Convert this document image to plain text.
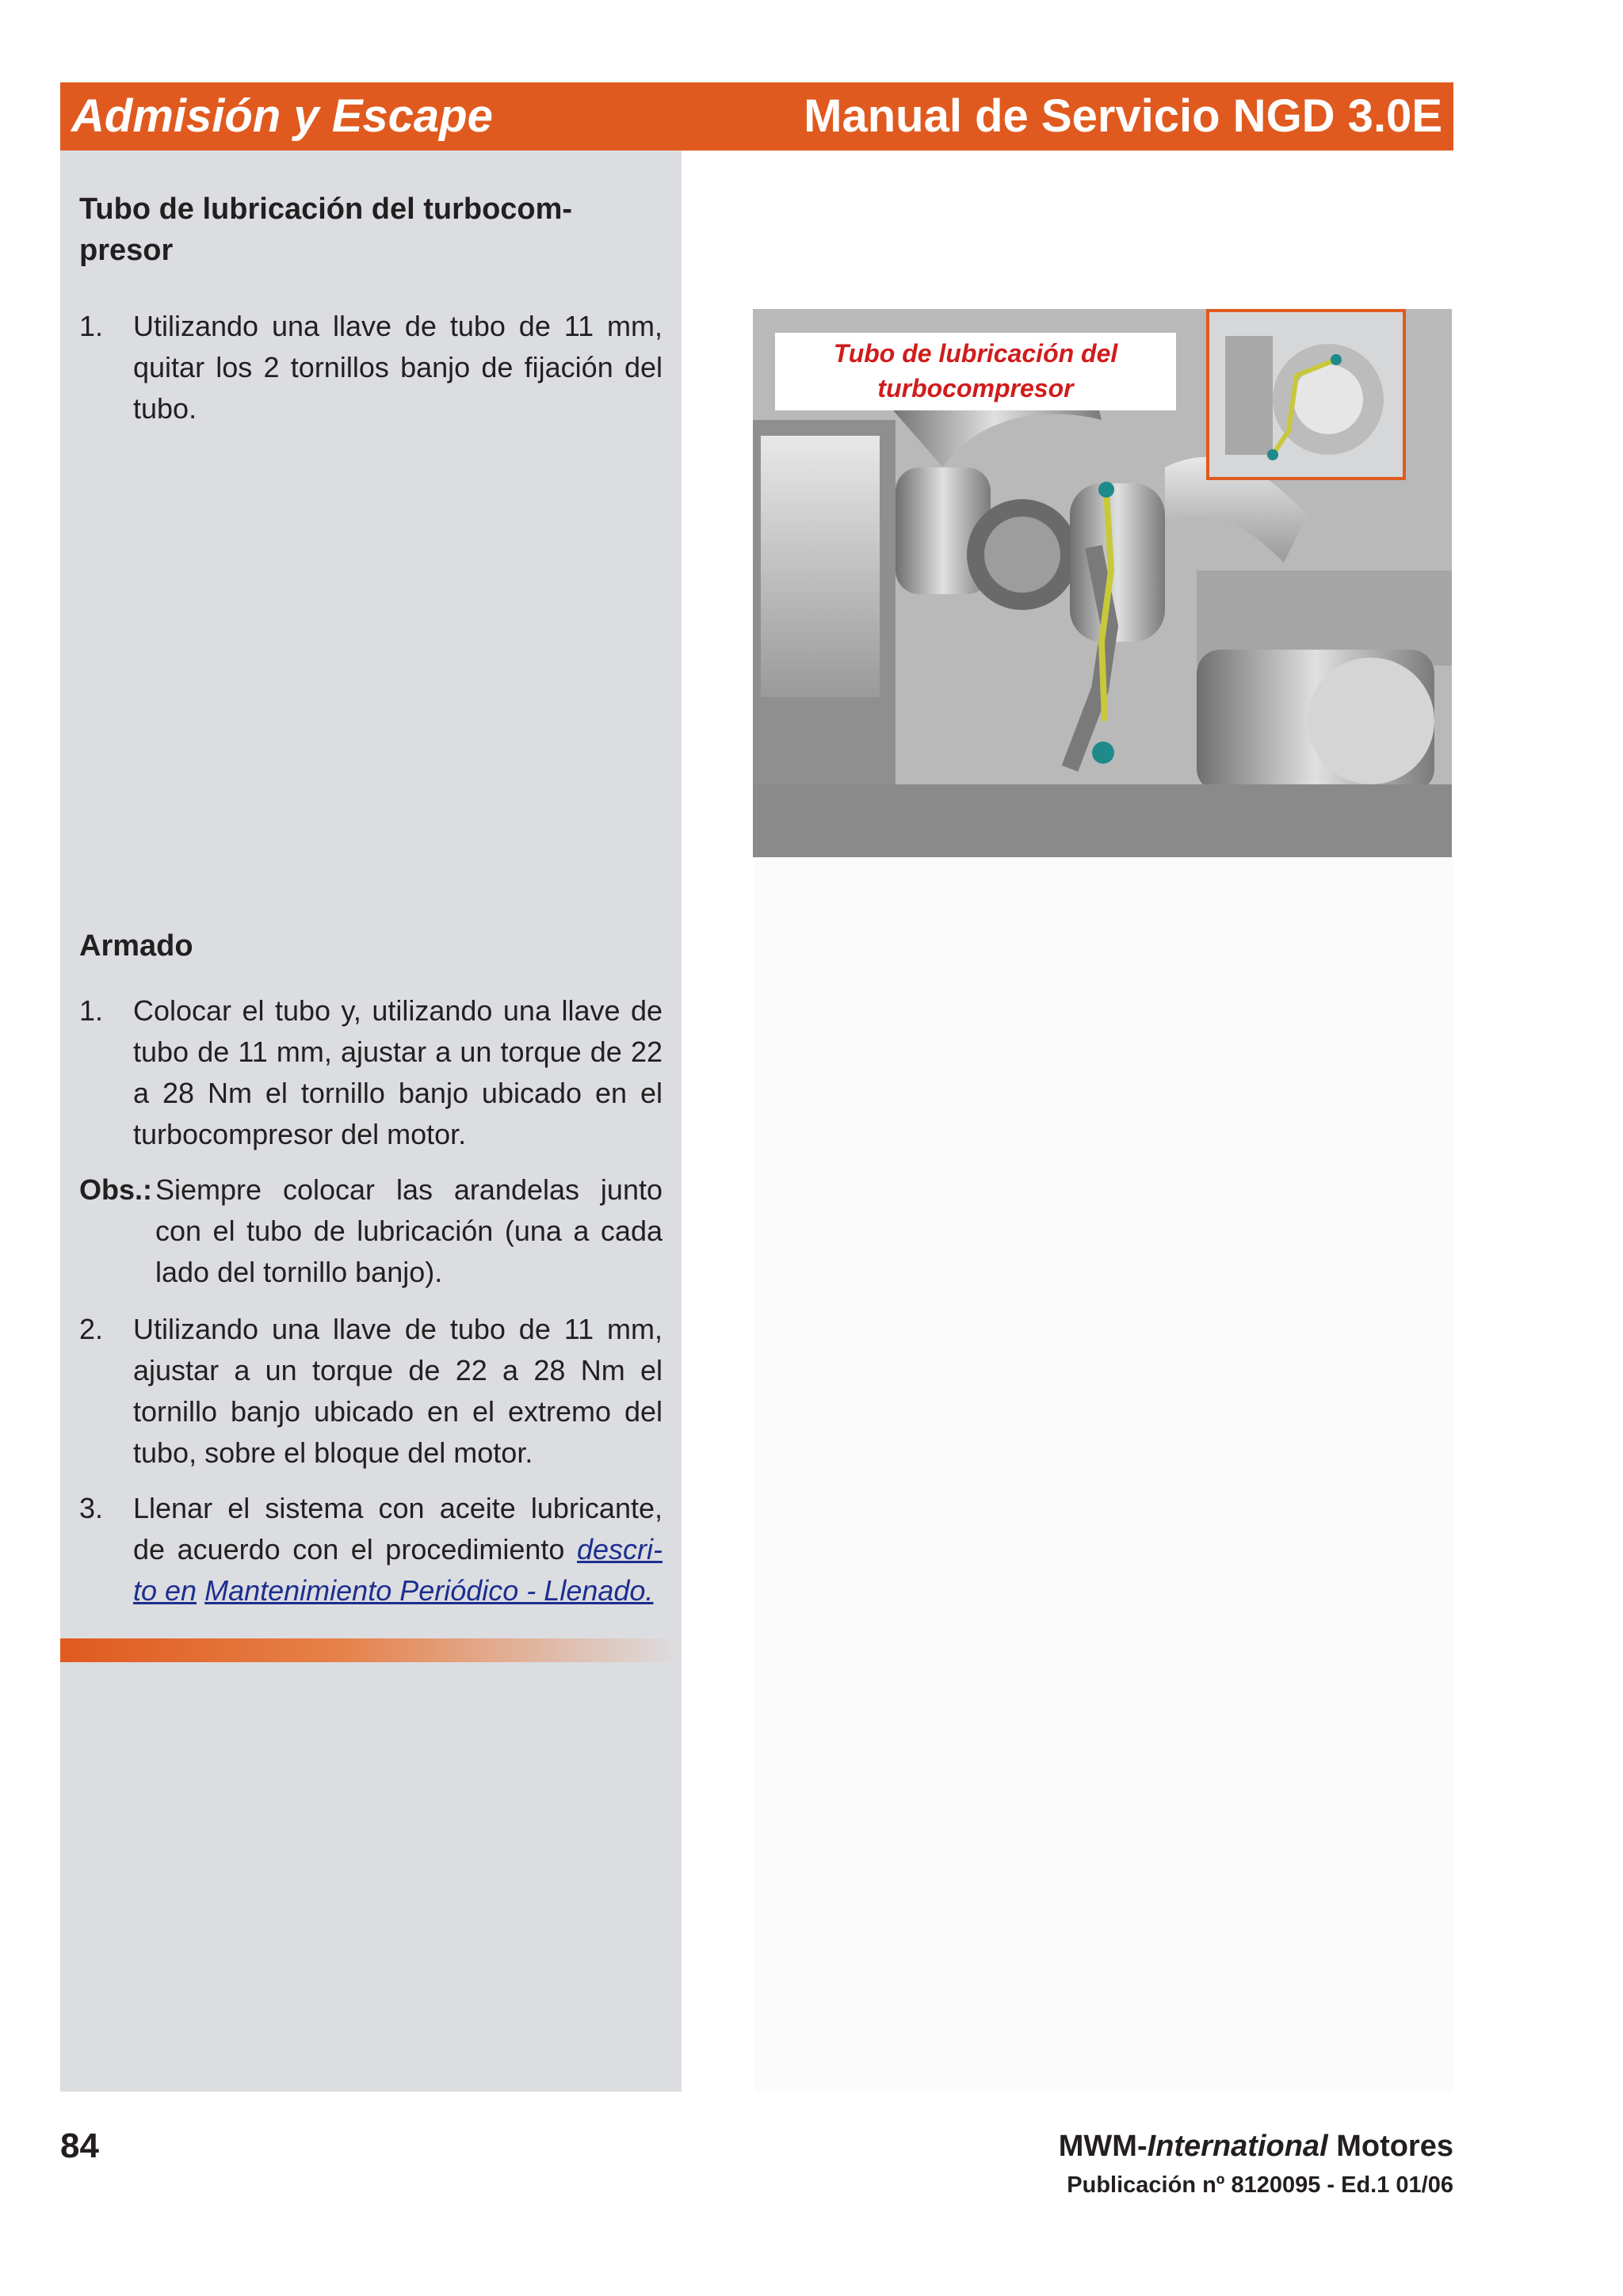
Admisión y Escape	Manual de Servicio NGD 3.0E
Tubo de lubricación del turbocom-presor
1.	Utilizando una llave de tubo de 11 mm, quitar los 2 tornillos banjo de fijación del tubo.
Tubo de lubricación del
turbocompresor
Armado
1.	Colocar el tubo y, utilizando una llave de tubo de 11 mm, ajustar a un torque de 22 a 28 Nm el tornillo banjo ubicado en el turbocompresor del motor.
Obs.: Siempre colocar las arandelas junto con el tubo de lubricación (una a cada lado del tornillo banjo).
2.	Utilizando una llave de tubo de 11 mm, ajustar a un torque de 22 a 28 Nm el tornillo banjo ubicado en el extremo del tubo, sobre el bloque del motor.
3.	Llenar el sistema con aceite lubricante, de acuerdo con el procedimiento descri-to en Mantenimiento Periódico - Llenado.
84	MWM-International Motores
Publicación nº 8120095 - Ed.1 01/06
